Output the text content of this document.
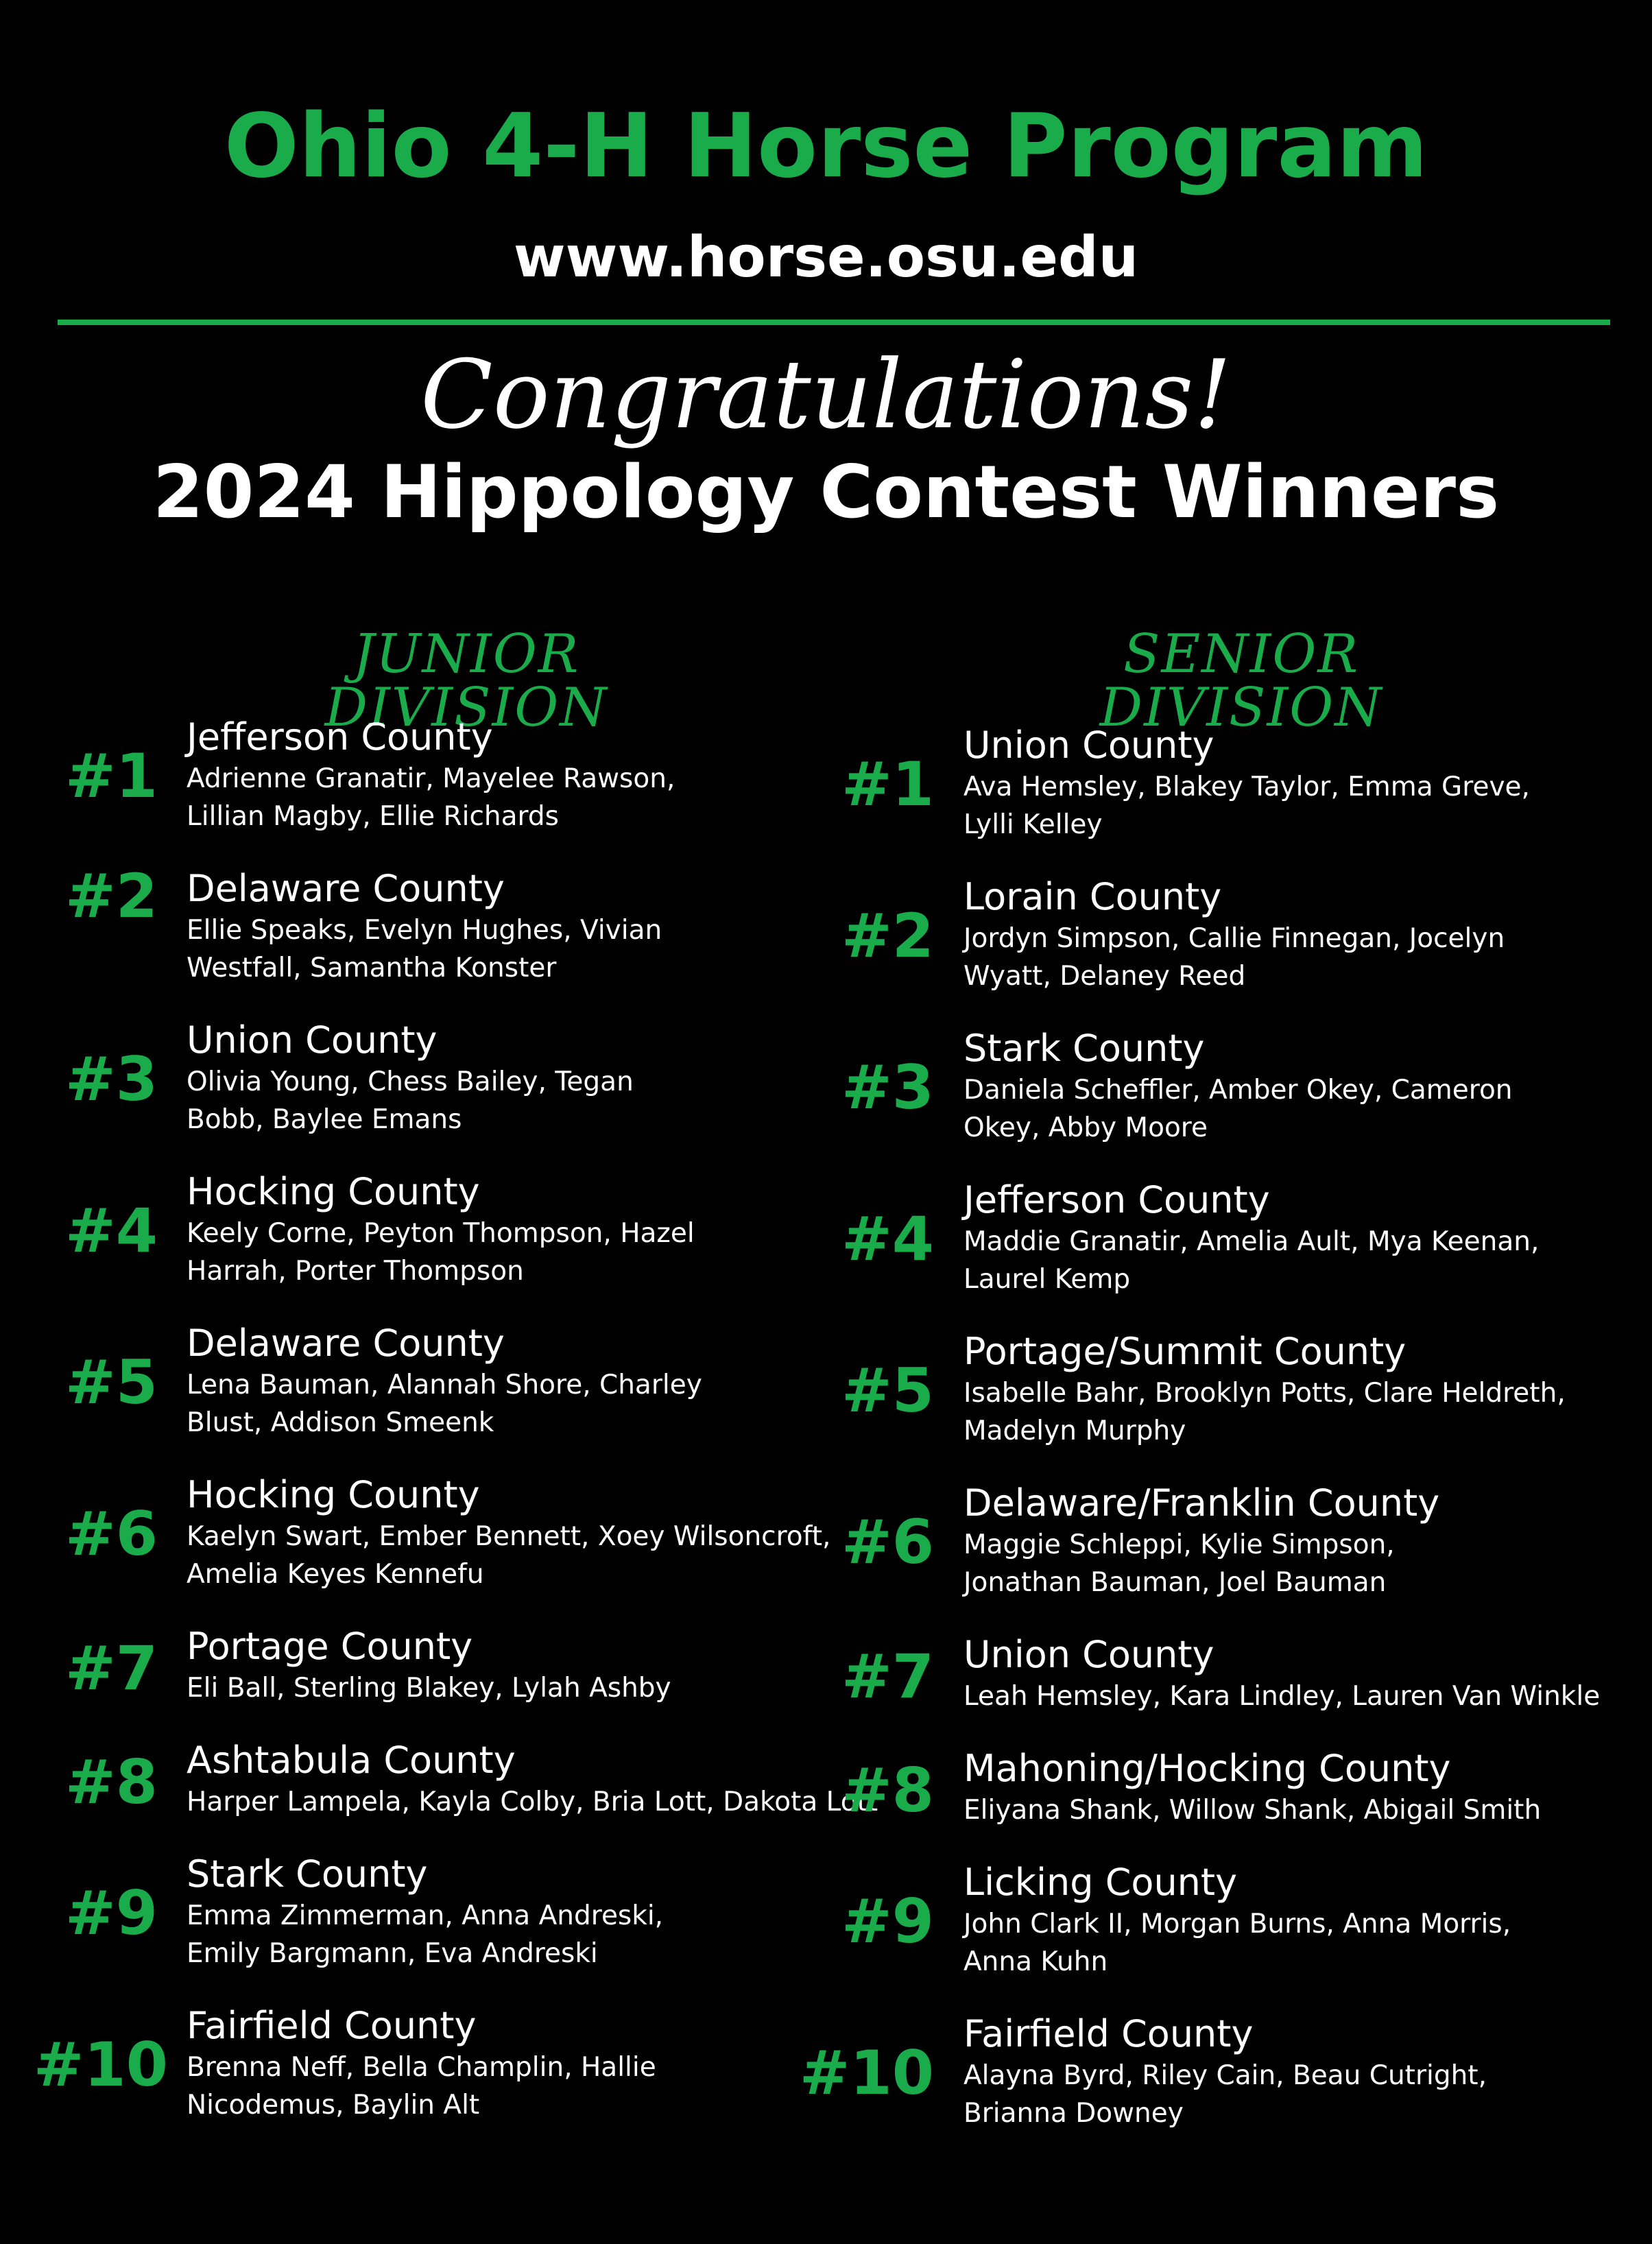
Ohio 4-H Horse Program
www.horse.osu.edu
Congratulations!
2024 Hippology Contest Winners
JUNIOR DIVISION
SENIOR DIVISION
#1
Jefferson County
Adrienne Granatir, Mayelee Rawson, Lillian Magby, Ellie Richards
#2 Delaware County
Ellie Speaks, Evelyn Hughes, Vivian Westfall, Samantha Konster
#3
Union County
Olivia Young, Chess Bailey, Tegan Bobb, Baylee Emans
#4
Hocking County
Keely Corne, Peyton Thompson, Hazel Harrah, Porter Thompson
#5
Delaware County
Lena Bauman, Alannah Shore, Charley Blust, Addison Smeenk
#6
Hocking County
Kaelyn Swart, Ember Bennett, Xoey Wilsoncroft, Amelia Keyes Kennefu
#7 Portage County
Eli Ball, Sterling Blakey, Lylah Ashby
#8 Ashtabula County
Harper Lampela, Kayla Colby, Bria Lott, Dakota Lott
#9
Stark County
Emma Zimmerman, Anna Andreski, Emily Bargmann, Eva Andreski
#10
Fairfield County
Brenna Neff, Bella Champlin, Hallie Nicodemus, Baylin Alt
#1
Union County
Ava Hemsley, Blakey Taylor, Emma Greve, Lylli Kelley
#2
Lorain County
Jordyn Simpson, Callie Finnegan, Jocelyn Wyatt, Delaney Reed
#3
Stark County
Daniela Scheffler, Amber Okey, Cameron Okey, Abby Moore
#4
Jefferson County
Maddie Granatir, Amelia Ault, Mya Keenan, Laurel Kemp
#5
Portage/Summit County
Isabelle Bahr, Brooklyn Potts, Clare Heldreth, Madelyn Murphy
#6
Delaware/Franklin County
Maggie Schleppi, Kylie Simpson, Jonathan Bauman, Joel Bauman
#7 Union County
Leah Hemsley, Kara Lindley, Lauren Van Winkle
#8 Mahoning/Hocking County
Eliyana Shank, Willow Shank, Abigail Smith
#9
Licking County
John Clark II, Morgan Burns, Anna Morris, Anna Kuhn
#10
Fairfield County
Alayna Byrd, Riley Cain, Beau Cutright, Brianna Downey
